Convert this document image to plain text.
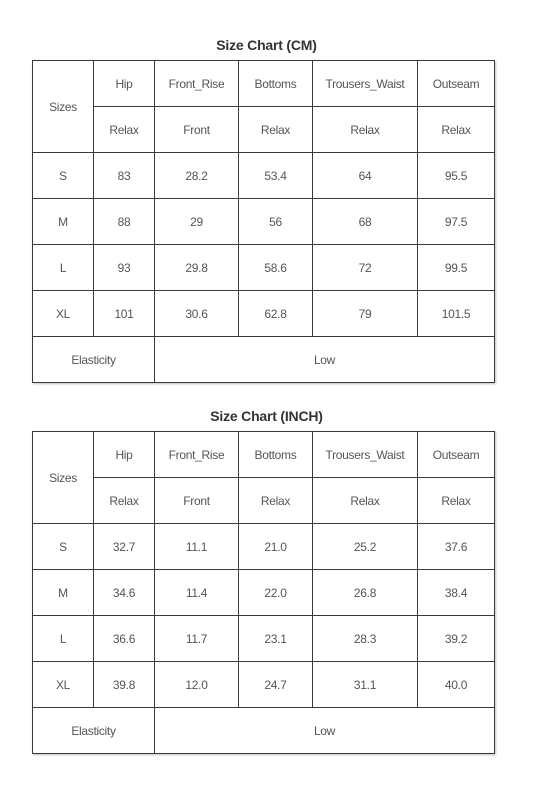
Size Chart (CM)
Sizes	Hip	Front_Rise	Bottoms	Trousers_Waist	Outseam
	Relax	Front	Relax	Relax	Relax
S	83	28.2	53.4	64	95.5
M	88	29	56	68	97.5
L	93	29.8	58.6	72	99.5
XL	101	30.6	62.8	79	101.5
Elasticity		Low			
Size Chart (INCH)
Sizes	Hip	Front_Rise	Bottoms	Trousers_Waist	Outseam
	Relax	Front	Relax	Relax	Relax
S	32.7	11.1	21.0	25.2	37.6
M	34.6	11.4	22.0	26.8	38.4
L	36.6	11.7	23.1	28.3	39.2
XL	39.8	12.0	24.7	31.1	40.0
Elasticity		Low			
